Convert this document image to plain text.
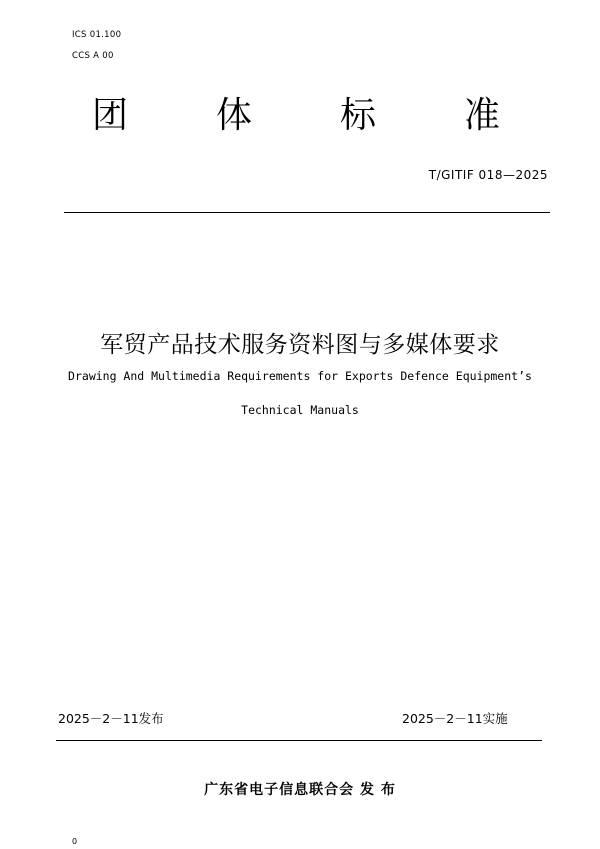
ICS 01.100
CCS A 00
团 体 标 准
T/GITIF 018—2025
军贸产品技术服务资料图与多媒体要求
Drawing And Multimedia Requirements for Exports Defence Equipment’s
Technical Manuals
2025－2－11发布	2025－2－11实施
广东省电子信息联合会 发 布
0
